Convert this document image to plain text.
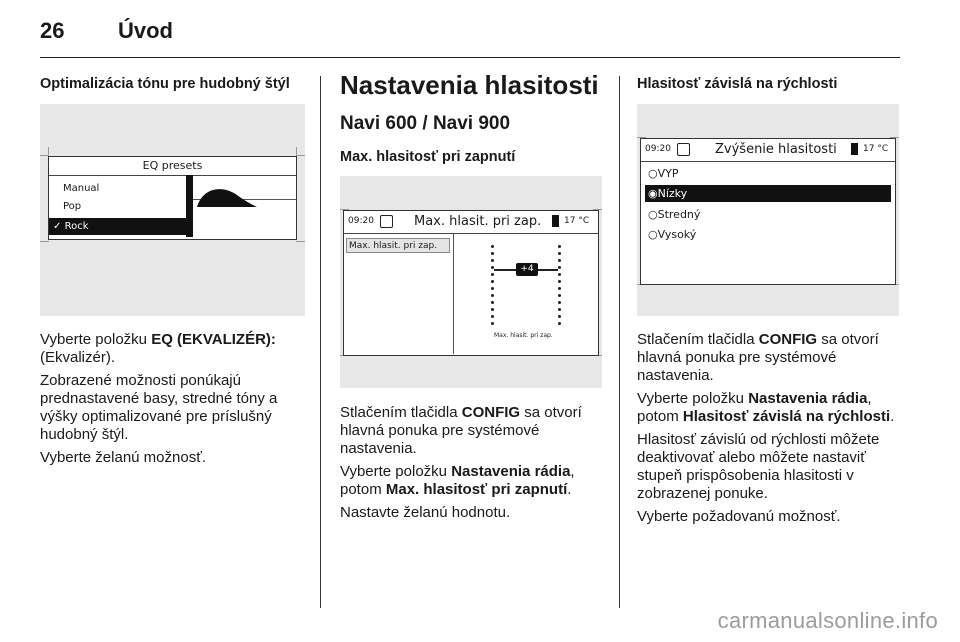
26 Úvod
Optimalizácia tónu pre hudobný štýl
EQ presets
Manual
Pop
✓ Rock

Vyberte položku EQ (EKVALIZÉR): (Ekvalizér).

Zobrazené možnosti ponúkajú prednastavené basy, stredné tóny a výšky optimalizované pre príslušný hudobný štýl.

Vyberte želanú možnosť.

Nastavenia hlasitosti
Navi 600 / Navi 900
Max. hlasitosť pri zapnutí
09:20	Max. hlasit. pri zap.	17 °C
Max. hlasit. pri zap.
+4
Max. hlasit. pri zap.

Stlačením tlačidla CONFIG sa otvorí hlavná ponuka pre systémové nastavenia.

Vyberte položku Nastavenia rádia, potom Max. hlasitosť pri zapnutí.

Nastavte želanú hodnotu.

Hlasitosť závislá na rýchlosti
09:20	Zvýšenie hlasitosti	17 °C
○VYP
◉Nízky
○Stredný
○Vysoký

Stlačením tlačidla CONFIG sa otvorí hlavná ponuka pre systémové nastavenia.

Vyberte položku Nastavenia rádia, potom Hlasitosť závislá na rýchlosti.

Hlasitosť závislú od rýchlosti môžete deaktivovať alebo môžete nastaviť stupeň prispôsobenia hlasitosti v zobrazenej ponuke.

Vyberte požadovanú možnosť.

carmanualsonline.info
